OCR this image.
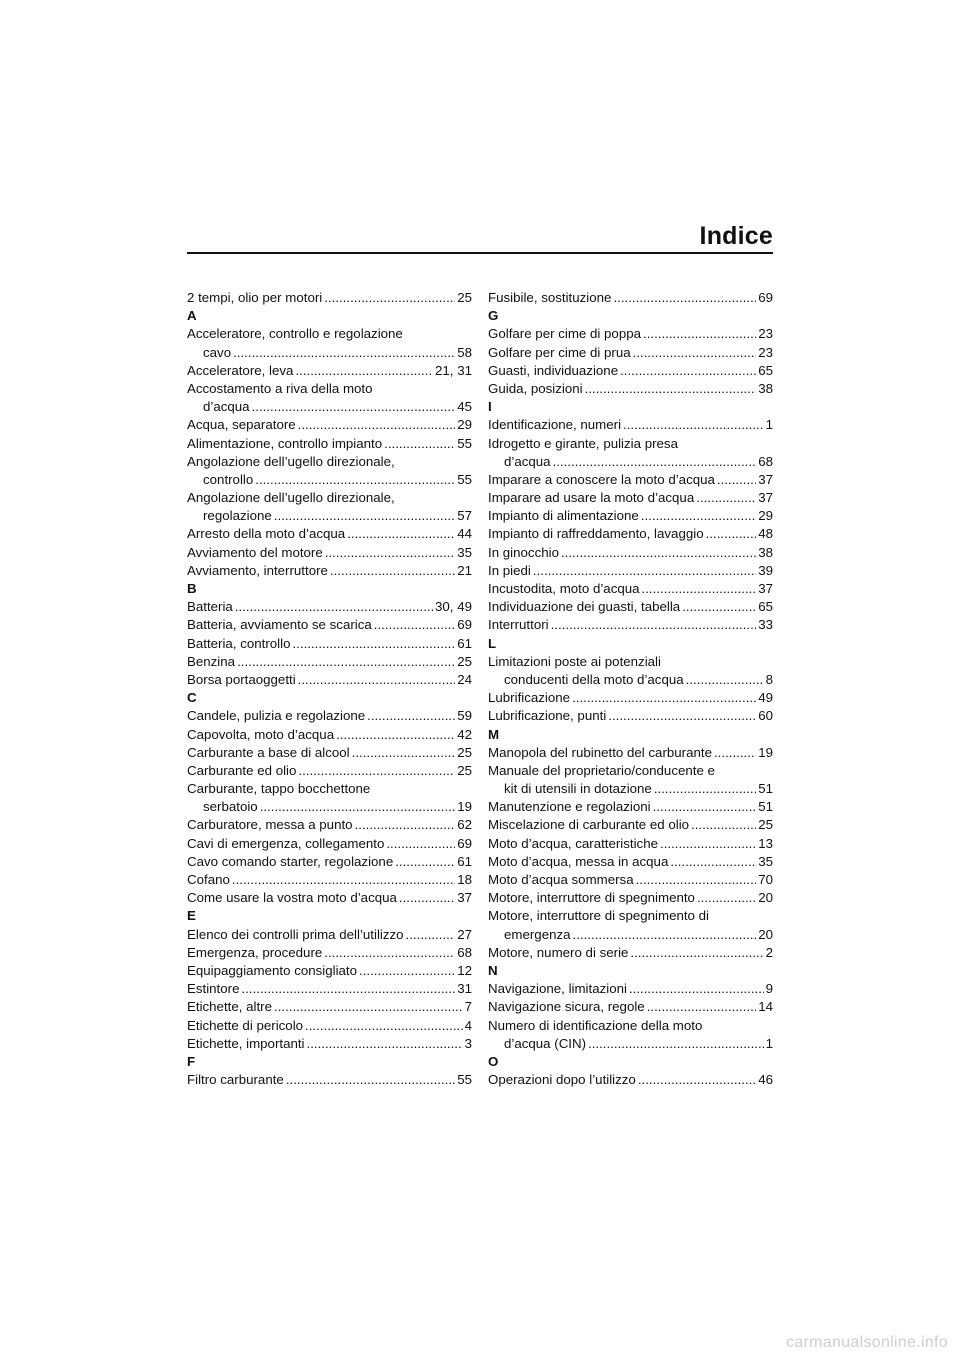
Indice
2 tempi, olio per motori .....	25
A
Acceleratore, controllo e regolazione
cavo .....	58
Acceleratore, leva .....	21, 31
Accostamento a riva della moto
d’acqua .....	45
Acqua, separatore .....	29
Alimentazione, controllo impianto .....	55
Angolazione dell’ugello direzionale,
controllo .....	55
Angolazione dell’ugello direzionale,
regolazione .....	57
Arresto della moto d’acqua .....	44
Avviamento del motore .....	35
Avviamento, interruttore .....	21
B
Batteria .....	30, 49
Batteria, avviamento se scarica .....	69
Batteria, controllo .....	61
Benzina .....	25
Borsa portaoggetti .....	24
C
Candele, pulizia e regolazione .....	59
Capovolta, moto d’acqua .....	42
Carburante a base di alcool .....	25
Carburante ed olio .....	25
Carburante, tappo bocchettone
serbatoio .....	19
Carburatore, messa a punto .....	62
Cavi di emergenza, collegamento .....	69
Cavo comando starter, regolazione .....	61
Cofano .....	18
Come usare la vostra moto d’acqua .....	37
E
Elenco dei controlli prima dell’utilizzo .....	27
Emergenza, procedure .....	68
Equipaggiamento consigliato .....	12
Estintore .....	31
Etichette, altre .....	7
Etichette di pericolo .....	4
Etichette, importanti .....	3
F
Filtro carburante .....	55
Fusibile, sostituzione .....	69
G
Golfare per cime di poppa .....	23
Golfare per cime di prua .....	23
Guasti, individuazione .....	65
Guida, posizioni .....	38
I
Identificazione, numeri .....	1
Idrogetto e girante, pulizia presa
d’acqua .....	68
Imparare a conoscere la moto d’acqua .....	37
Imparare ad usare la moto d’acqua .....	37
Impianto di alimentazione .....	29
Impianto di raffreddamento, lavaggio .....	48
In ginocchio .....	38
In piedi .....	39
Incustodita, moto d’acqua .....	37
Individuazione dei guasti, tabella .....	65
Interruttori .....	33
L
Limitazioni poste ai potenziali
conducenti della moto d’acqua .....	8
Lubrificazione .....	49
Lubrificazione, punti .....	60
M
Manopola del rubinetto del carburante .....	19
Manuale del proprietario/conducente e
kit di utensili in dotazione .....	51
Manutenzione e regolazioni .....	51
Miscelazione di carburante ed olio .....	25
Moto d’acqua, caratteristiche .....	13
Moto d’acqua, messa in acqua .....	35
Moto d’acqua sommersa .....	70
Motore, interruttore di spegnimento .....	20
Motore, interruttore di spegnimento di
emergenza .....	20
Motore, numero di serie .....	2
N
Navigazione, limitazioni .....	9
Navigazione sicura, regole .....	14
Numero di identificazione della moto
d’acqua (CIN) .....	1
O
Operazioni dopo l’utilizzo .....	46
carmanualsonline.info
